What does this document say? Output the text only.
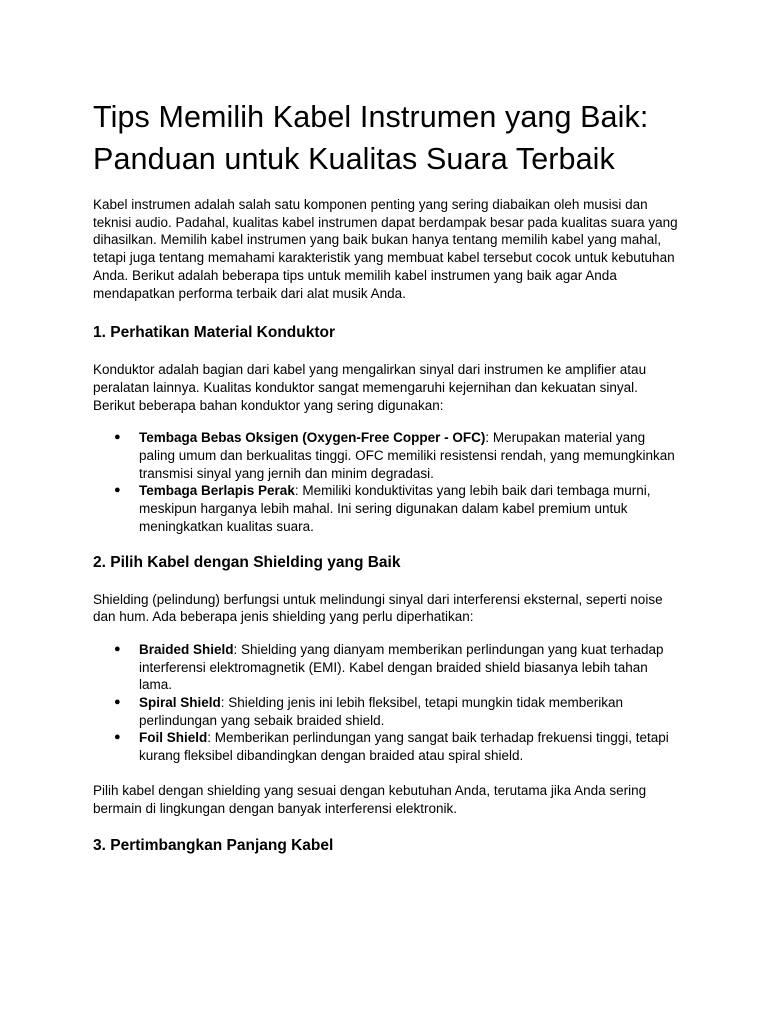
Tips Memilih Kabel Instrumen yang Baik: Panduan untuk Kualitas Suara Terbaik

Kabel instrumen adalah salah satu komponen penting yang sering diabaikan oleh musisi dan teknisi audio. Padahal, kualitas kabel instrumen dapat berdampak besar pada kualitas suara yang dihasilkan. Memilih kabel instrumen yang baik bukan hanya tentang memilih kabel yang mahal, tetapi juga tentang memahami karakteristik yang membuat kabel tersebut cocok untuk kebutuhan Anda. Berikut adalah beberapa tips untuk memilih kabel instrumen yang baik agar Anda mendapatkan performa terbaik dari alat musik Anda.

1. Perhatikan Material Konduktor

Konduktor adalah bagian dari kabel yang mengalirkan sinyal dari instrumen ke amplifier atau peralatan lainnya. Kualitas konduktor sangat memengaruhi kejernihan dan kekuatan sinyal. Berikut beberapa bahan konduktor yang sering digunakan:

● Tembaga Bebas Oksigen (Oxygen-Free Copper - OFC): Merupakan material yang paling umum dan berkualitas tinggi. OFC memiliki resistensi rendah, yang memungkinkan transmisi sinyal yang jernih dan minim degradasi.
● Tembaga Berlapis Perak: Memiliki konduktivitas yang lebih baik dari tembaga murni, meskipun harganya lebih mahal. Ini sering digunakan dalam kabel premium untuk meningkatkan kualitas suara.
2. Pilih Kabel dengan Shielding yang Baik

Shielding (pelindung) berfungsi untuk melindungi sinyal dari interferensi eksternal, seperti noise dan hum. Ada beberapa jenis shielding yang perlu diperhatikan:

● Braided Shield: Shielding yang dianyam memberikan perlindungan yang kuat terhadap interferensi elektromagnetik (EMI). Kabel dengan braided shield biasanya lebih tahan lama.
● Spiral Shield: Shielding jenis ini lebih fleksibel, tetapi mungkin tidak memberikan perlindungan yang sebaik braided shield.
● Foil Shield: Memberikan perlindungan yang sangat baik terhadap frekuensi tinggi, tetapi kurang fleksibel dibandingkan dengan braided atau spiral shield.

Pilih kabel dengan shielding yang sesuai dengan kebutuhan Anda, terutama jika Anda sering bermain di lingkungan dengan banyak interferensi elektronik.

3. Pertimbangkan Panjang Kabel
